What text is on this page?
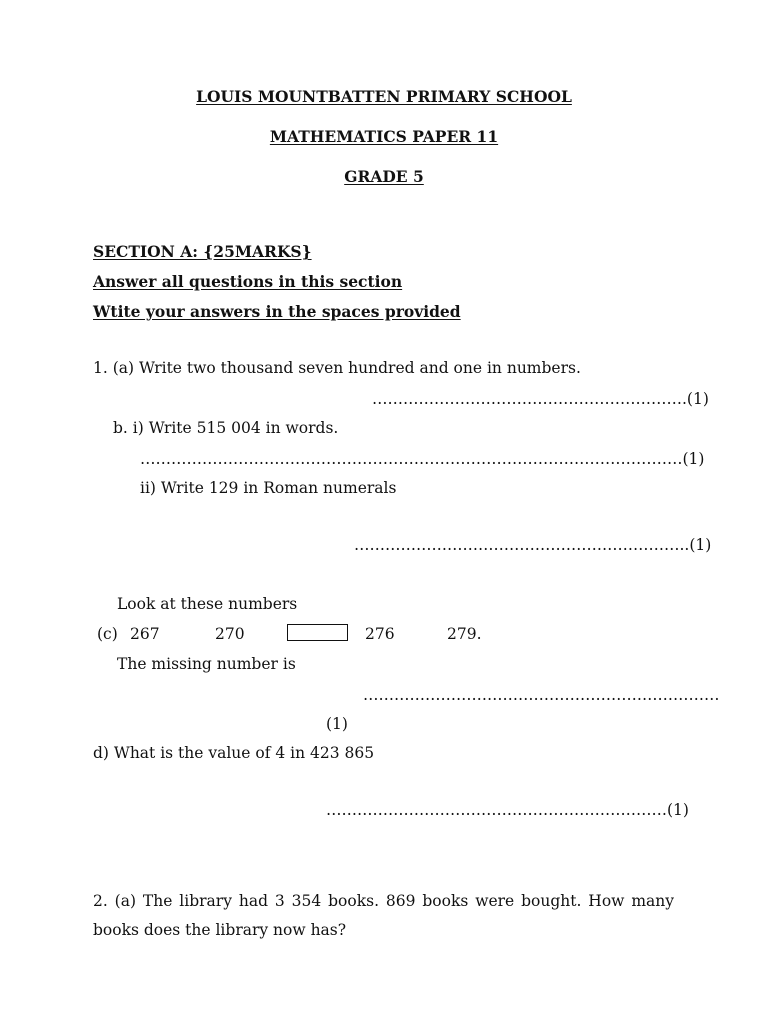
LOUIS MOUNTBATTEN PRIMARY SCHOOL
MATHEMATICS PAPER 11
GRADE 5
SECTION A: {25MARKS}
Answer all questions in this section
Wtite your answers in the spaces provided
1. (a) Write two thousand seven hundred and one in numbers.
…………………………………………………….(1)
b. i) Write 515 004 in words.
……………………………………………………………………………………………(1)
ii) Write 129 in Roman numerals
………………………………………………………..(1)
Look at these numbers
(c) 267	270	276	279.
The missing number is
……………………………………………………………
(1)
d) What is the value of 4 in 423 865
…………………………………………………………(1)
2. (a) The library had 3 354 books. 869 books were bought. How many books does the library now has?
